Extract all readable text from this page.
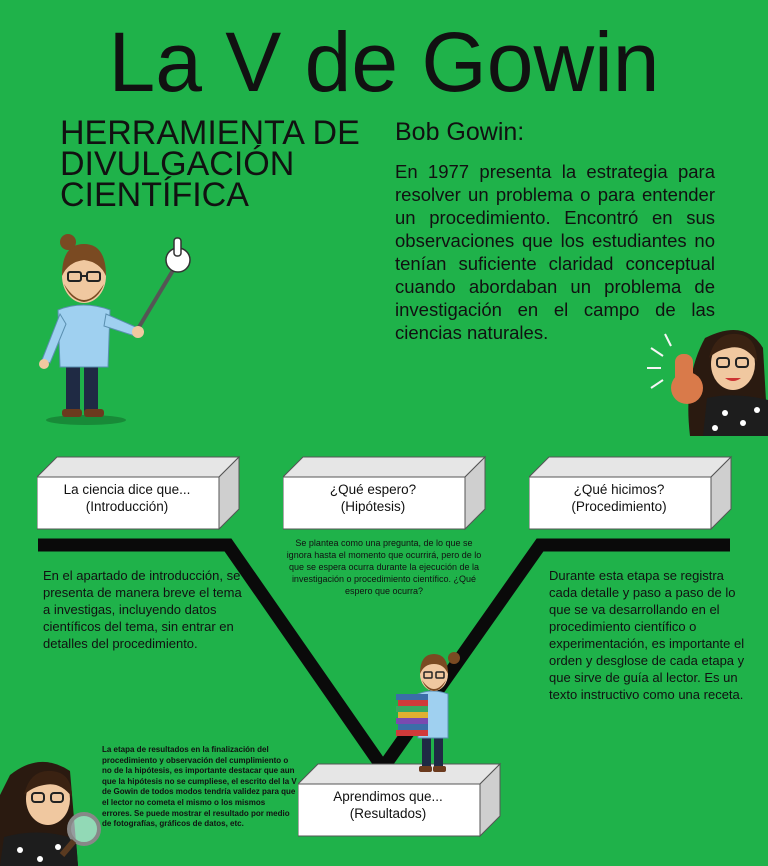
La V de Gowin
HERRAMIENTA DE DIVULGACIÓN CIENTÍFICA
Bob Gowin:
En 1977 presenta la estrategia para resolver un problema o para entender un procedimiento. Encontró en sus observaciones que los estudiantes no tenían suficiente claridad conceptual cuando abordaban un problema de investigación en el campo de las ciencias naturales.
La ciencia dice que...
(Introducción)
¿Qué espero?
(Hipótesis)
¿Qué hicimos?
(Procedimiento)
Aprendimos que...
(Resultados)
Se plantea como una pregunta, de lo que se ignora hasta el momento que ocurrirá, pero de lo que se espera ocurra durante la ejecución de la investigación o procedimiento científico. ¿Qué espero que ocurra?
En el apartado de introducción, se presenta de manera breve el tema a investigas, incluyendo datos científicos del tema, sin entrar en detalles del procedimiento.
Durante esta etapa se registra cada detalle y paso a paso de lo que se va desarrollando en el procedimiento científico o experimentación, es importante el orden y desglose de cada etapa y que sirve de guía al lector. Es un texto instructivo como una receta.
La etapa de resultados en la finalización del procedimiento y observación del cumplimiento o no de la hipótesis, es importante destacar que aun que la hipótesis no se cumpliese, el escrito del la V de Gowin de todos modos tendría validez para que el lector no cometa el mismo o los mismos errores. Se puede mostrar el resultado por medio de fotografías, gráficos de datos, etc.
